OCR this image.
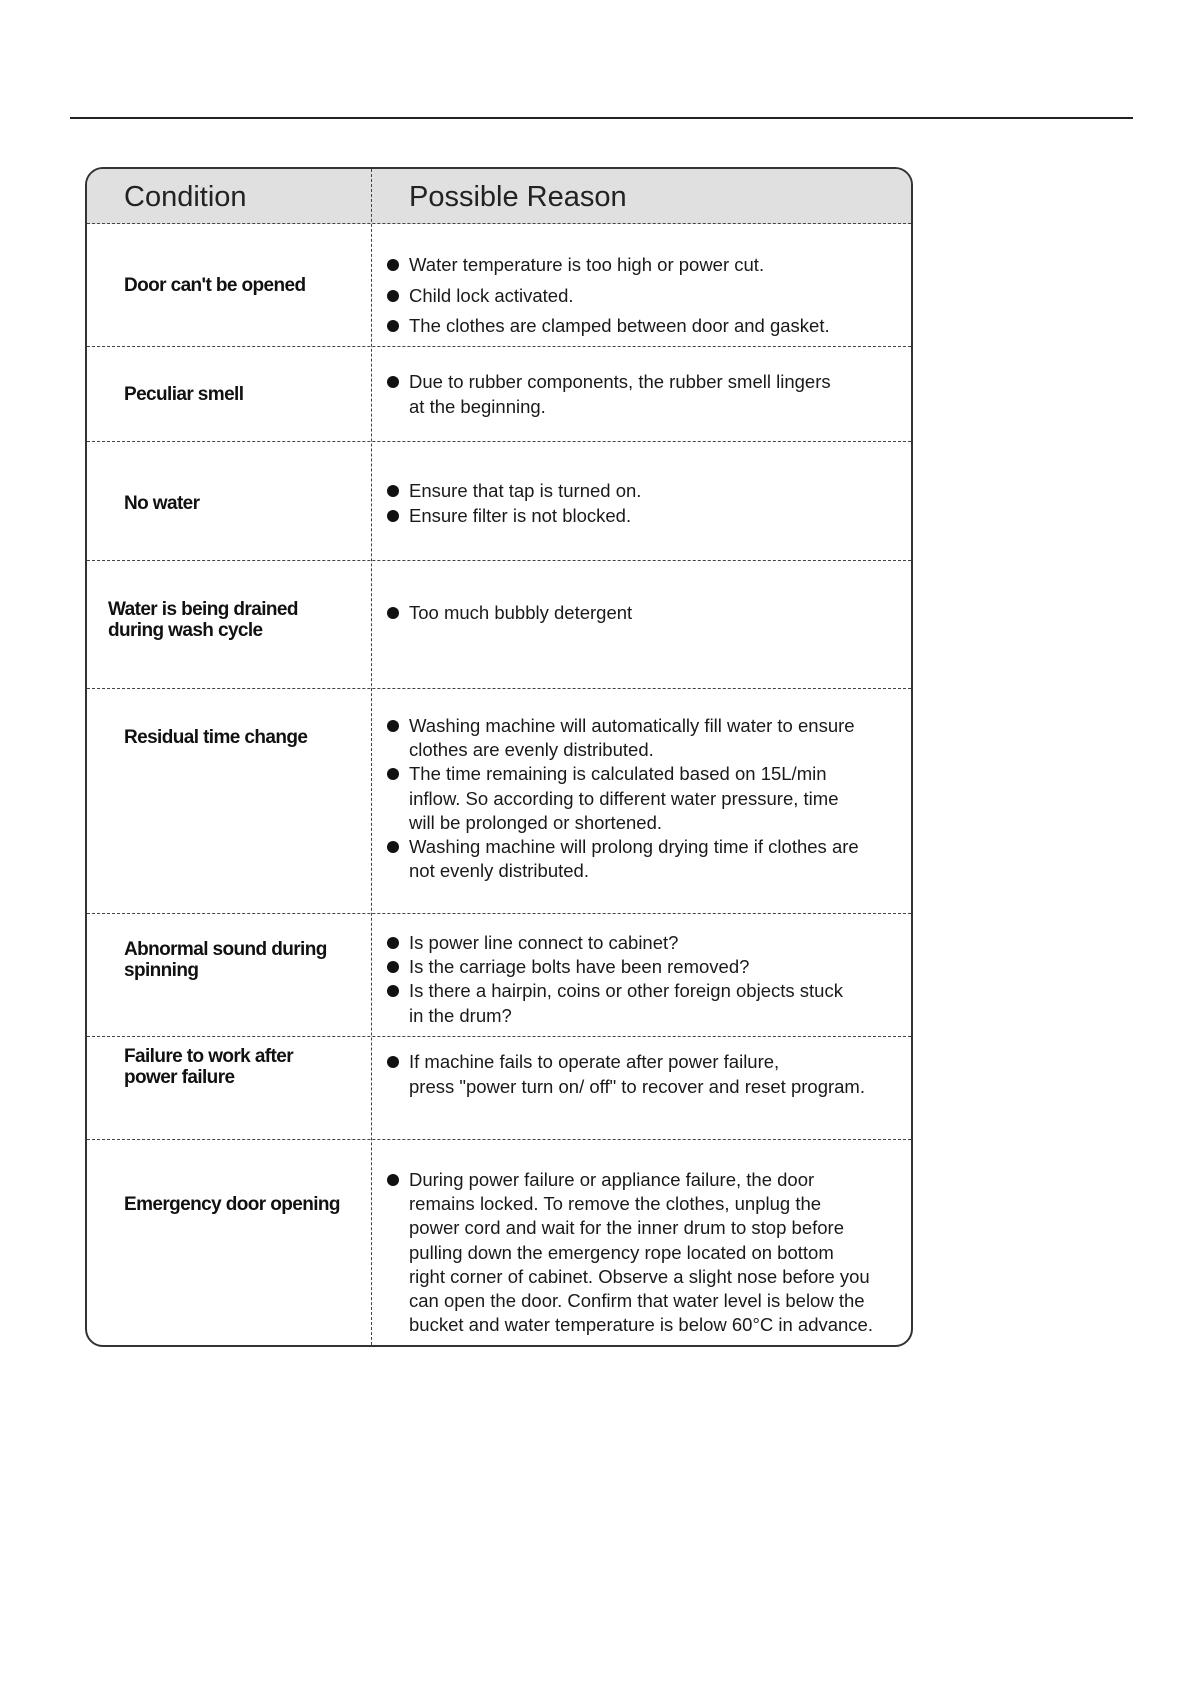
Condition	Possible Reason
Door can't be opened
Water temperature is too high or power cut.
Child lock activated.
The clothes are clamped between door and gasket.
Peculiar smell
Due to rubber components, the rubber smell lingers
at the beginning.
No water
Ensure that tap is turned on.
Ensure filter is not blocked.
Water is being drained
during wash cycle
Too much bubbly detergent
Residual time change
Washing machine will automatically fill water to ensure
clothes are evenly distributed.
The time remaining is calculated based on 15L/min
inflow. So according to different water pressure, time
will be prolonged or shortened.
Washing machine will prolong drying time if clothes are
not evenly distributed.
Abnormal sound during
spinning
Is power line connect to cabinet?
Is the carriage bolts have been removed?
Is there a hairpin, coins or other foreign objects stuck
in the drum?
Failure to work after
power failure
If machine fails to operate after power failure,
press "power turn on/ off" to recover and reset program.
Emergency door opening
During power failure or appliance failure, the door
remains locked. To remove the clothes, unplug the
power cord and wait for the inner drum to stop before
pulling down the emergency rope located on bottom
right corner of cabinet. Observe a slight nose before you
can open the door. Confirm that water level is below the
bucket and water temperature is below 60°C in advance.
